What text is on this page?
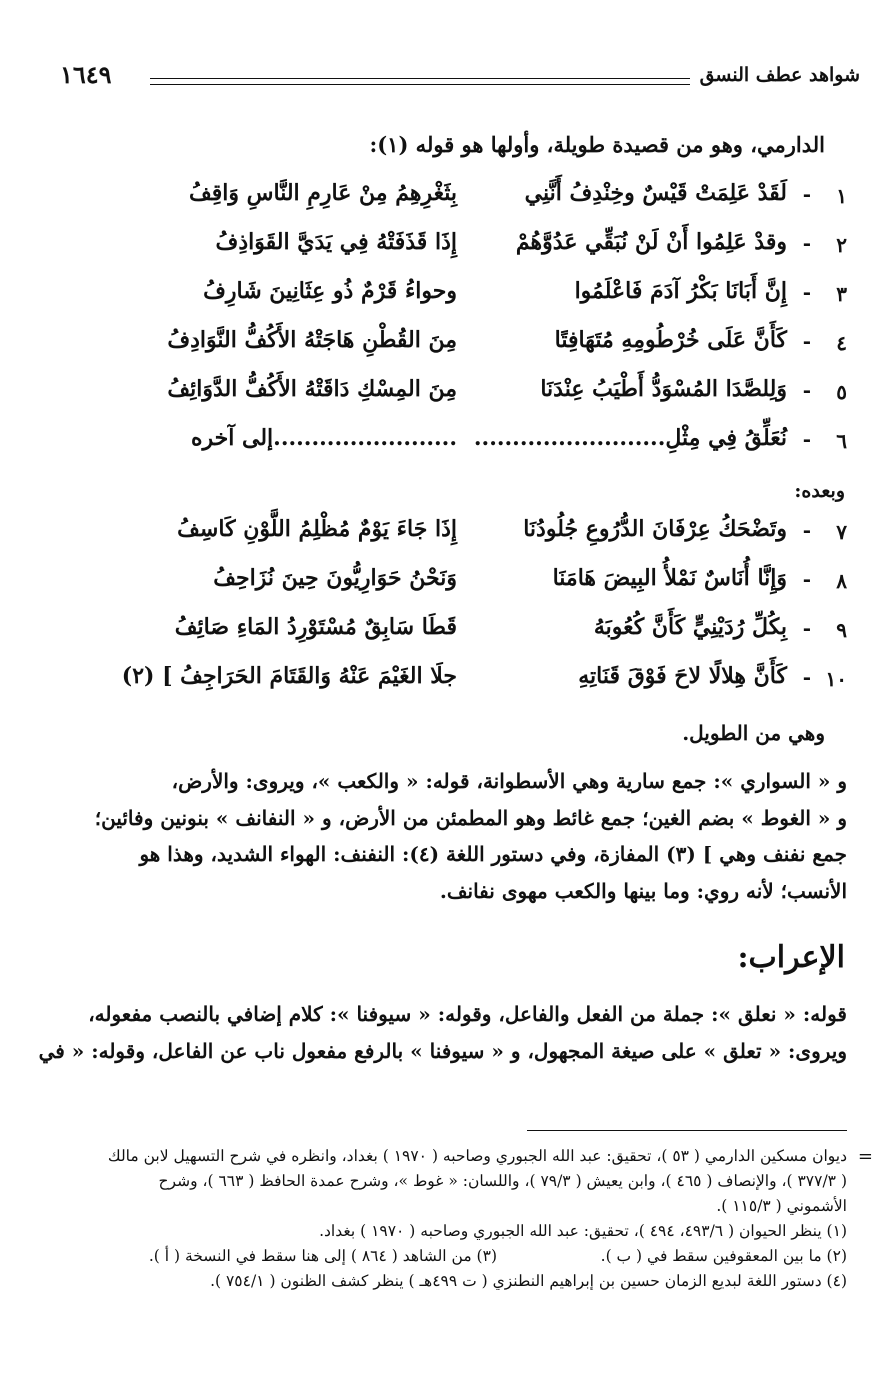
شواهد عطف النسق
١٦٤٩
الدارمي، وهو من قصيدة طويلة، وأولها هو قوله (١):
١
-
لَقَدْ عَلِمَتْ قَيْسٌ وخِنْدِفُ أَنَّنِي
بِثَغْرِهِمُ مِنْ عَارِمِ النَّاسِ وَاقِفُ
٢
-
وقدْ عَلِمُوا أَنْ لَنْ نُبَقِّي عَدُوَّهُمْ
إِذَا قَذَفَتْهُ فِي يَدَيَّ القَوَاذِفُ
٣
-
إِنَّ أَبَانَا بَكْرُ آدَمَ فَاعْلَمُوا
وحواءُ قَرْمٌ ذُو عِثَانِينَ شَارِفُ
٤
-
كَأَنَّ عَلَى خُرْطُومِهِ مُتَهَافِتًا
مِنَ القُطْنِ هَاجَتْهُ الأَكُفُّ النَّوَادِفُ
٥
-
وَلِلصَّدَا المُسْوَدُّ أَطْيَبُ عِنْدَنَا
مِنَ المِسْكِ دَاقَتْهُ الأَكُفُّ الدَّوَائِفُ
٦
-
نُعَلِّقُ فِي مِثْلِ.........................
........................إلى آخره
وبعده:
٧
-
وتَضْحَكُ عِرْفَانَ الدُّرُوعِ جُلُودُنَا
إِذَا جَاءَ يَوْمٌ مُظْلِمُ اللَّوْنِ كَاسِفُ
٨
-
وَإِنَّا أُنَاسٌ نَمْلأُ البِيضَ هَامَنَا
وَنَحْنُ حَوَارِيُّونَ حِينَ نُزَاحِفُ
٩
-
بِكُلِّ رُدَيْنِيٍّ كَأَنَّ كُعُوبَهُ
قَطَا سَابِقٌ مُسْتَوْرِدُ المَاءِ صَائِفُ
١٠
-
كَأَنَّ هِلالًا لاحَ فَوْقَ قَنَاتِهِ
جلَا الغَيْمَ عَنْهُ وَالقَتَامَ الحَرَاجِفُ ] (٢)
وهي من الطويل.
و « السواري »: جمع سارية وهي الأسطوانة، قوله: « والكعب »، ويروى: والأرض،
و « الغوط » بضم الغين؛ جمع غائط وهو المطمئن من الأرض، و « النفانف » بنونين وفائين؛
جمع نفنف وهي ] (٣) المفازة، وفي دستور اللغة (٤): النفنف: الهواء الشديد، وهذا هو
الأنسب؛ لأنه روي: وما بينها والكعب مهوى نفانف.
الإعراب:
قوله: « نعلق »: جملة من الفعل والفاعل، وقوله: « سيوفنا »: كلام إضافي بالنصب مفعوله،
ويروى: « تعلق » على صيغة المجهول، و « سيوفنا » بالرفع مفعول ناب عن الفاعل، وقوله: « في
=
ديوان مسكين الدارمي ( ٥٣ )، تحقيق: عبد الله الجبوري وصاحبه ( ١٩٧٠ ) بغداد، وانظره في شرح التسهيل لابن مالك
( ٣٧٧/٣ )، والإنصاف ( ٤٦٥ )، وابن يعيش ( ٧٩/٣ )، واللسان: « غوط »، وشرح عمدة الحافظ ( ٦٦٣ )، وشرح
الأشموني ( ١١٥/٣ ).
(١) ينظر الحيوان ( ٤٩٣/٦، ٤٩٤ )، تحقيق: عبد الله الجبوري وصاحبه ( ١٩٧٠ ) بغداد.
(٢) ما بين المعقوفين سقط في ( ب ).
(٣) من الشاهد ( ٨٦٤ ) إلى هنا سقط في النسخة ( أ ).
(٤) دستور اللغة لبديع الزمان حسين بن إبراهيم النطنزي ( ت ٤٩٩هـ ) ينظر كشف الظنون ( ٧٥٤/١ ).
